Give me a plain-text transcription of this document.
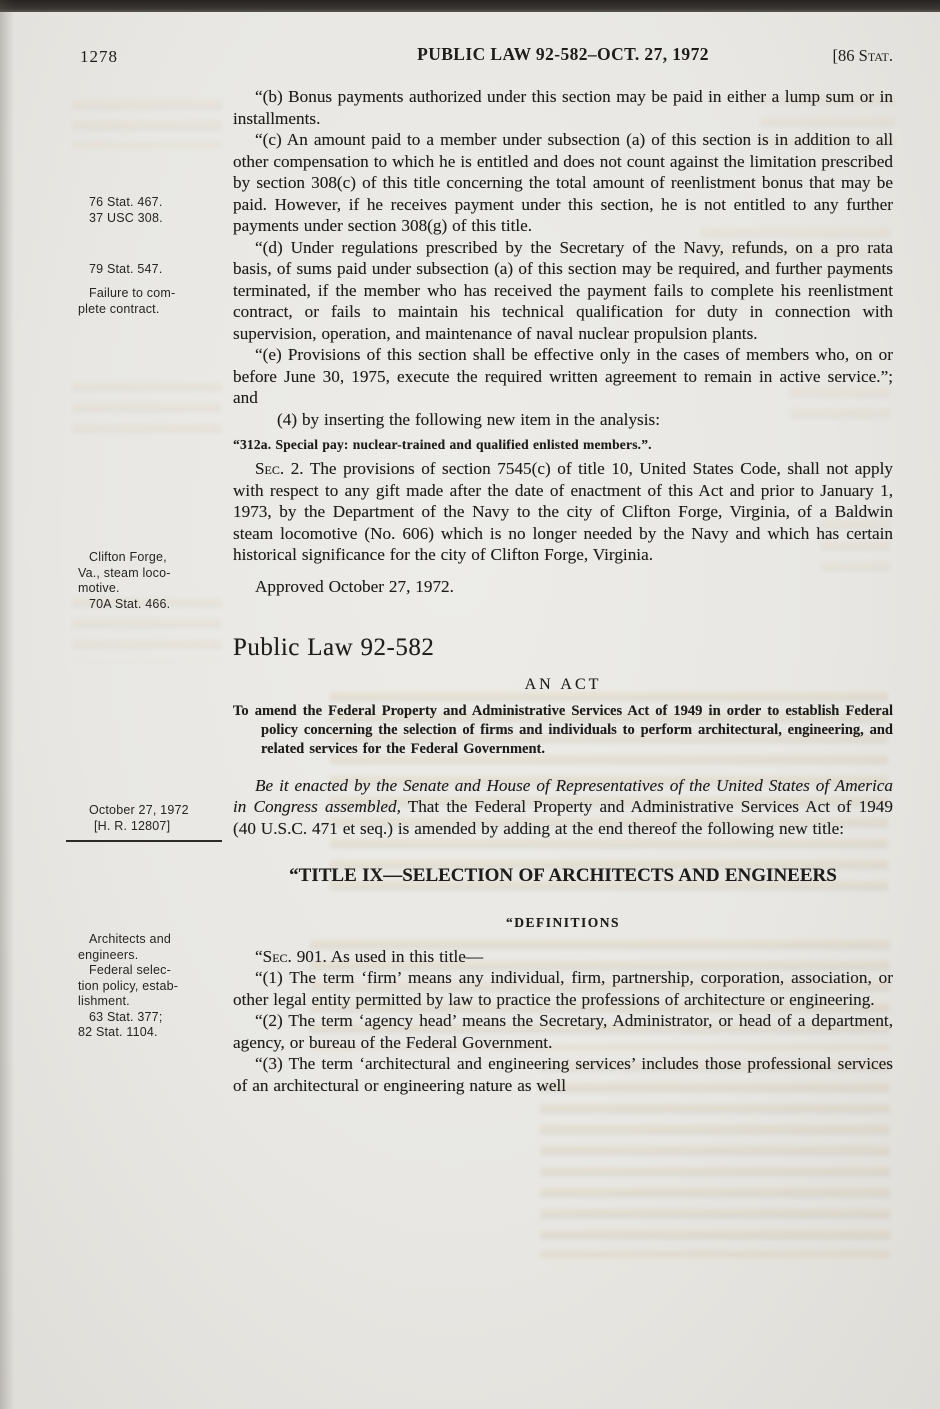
1278	PUBLIC LAW 92-582–OCT. 27, 1972	[86 Stat.
76 Stat. 467.
37 USC 308.
79 Stat. 547.
Failure to com-
plete contract.
Clifton Forge,
Va., steam loco-
motive.
70A Stat. 466.
October 27, 1972
[H. R. 12807]
Architects and
engineers.
Federal selec-
tion policy, estab-
lishment.
63 Stat. 377;
82 Stat. 1104.

“(b) Bonus payments authorized under this section may be paid in either a lump sum or in installments.

“(c) An amount paid to a member under subsection (a) of this section is in addition to all other compensation to which he is entitled and does not count against the limitation prescribed by section 308(c) of this title concerning the total amount of reenlistment bonus that may be paid. However, if he receives payment under this section, he is not entitled to any further payments under section 308(g) of this title.

“(d) Under regulations prescribed by the Secretary of the Navy, refunds, on a pro rata basis, of sums paid under subsection (a) of this section may be required, and further payments terminated, if the member who has received the payment fails to complete his reenlistment contract, or fails to maintain his technical qualification for duty in connection with supervision, operation, and maintenance of naval nuclear propulsion plants.

“(e) Provisions of this section shall be effective only in the cases of members who, on or before June 30, 1975, execute the required written agreement to remain in active service.”; and

(4) by inserting the following new item in the analysis:

“312a. Special pay: nuclear-trained and qualified enlisted members.”.

Sec. 2. The provisions of section 7545(c) of title 10, United States Code, shall not apply with respect to any gift made after the date of enactment of this Act and prior to January 1, 1973, by the Department of the Navy to the city of Clifton Forge, Virginia, of a Baldwin steam locomotive (No. 606) which is no longer needed by the Navy and which has certain historical significance for the city of Clifton Forge, Virginia.

Approved October 27, 1972.

Public Law 92-582
AN ACT

To amend the Federal Property and Administrative Services Act of 1949 in order to establish Federal policy concerning the selection of firms and individuals to perform architectural, engineering, and related services for the Federal Government.

Be it enacted by the Senate and House of Representatives of the United States of America in Congress assembled, That the Federal Property and Administrative Services Act of 1949 (40 U.S.C. 471 et seq.) is amended by adding at the end thereof the following new title:

“TITLE IX—SELECTION OF ARCHITECTS AND ENGINEERS
“DEFINITIONS

“Sec. 901. As used in this title—

“(1) The term ‘firm’ means any individual, firm, partnership, corporation, association, or other legal entity permitted by law to practice the professions of architecture or engineering.

“(2) The term ‘agency head’ means the Secretary, Administrator, or head of a department, agency, or bureau of the Federal Government.

“(3) The term ‘architectural and engineering services’ includes those professional services of an architectural or engineering nature as well
